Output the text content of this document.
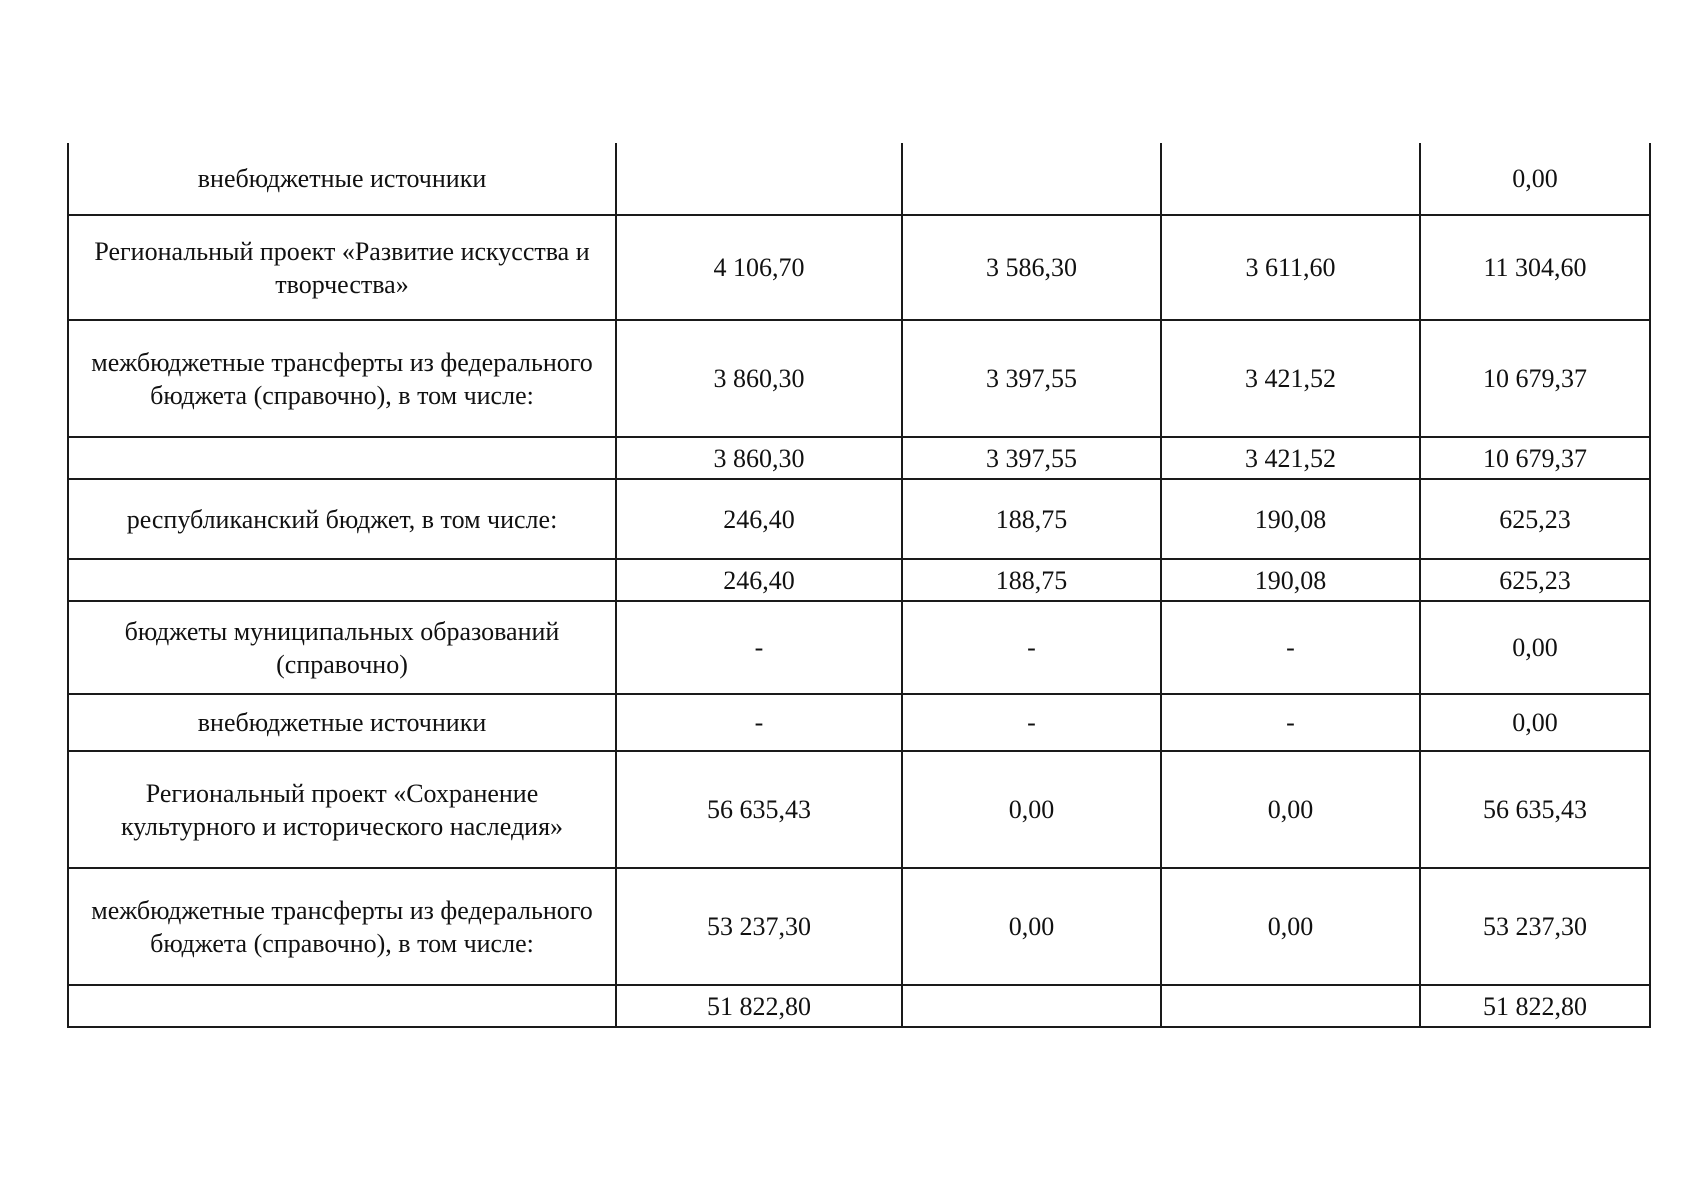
внебюджетные источники				0,00
Региональный проект «Развитие искусства и творчества»	4 106,70	3 586,30	3 611,60	11 304,60
межбюджетные трансферты из федерального бюджета (справочно), в том числе:	3 860,30	3 397,55	3 421,52	10 679,37
	3 860,30	3 397,55	3 421,52	10 679,37
республиканский бюджет, в том числе:	246,40	188,75	190,08	625,23
	246,40	188,75	190,08	625,23
бюджеты муниципальных образований (справочно)	-	-	-	0,00
внебюджетные источники	-	-	-	0,00
Региональный проект «Сохранение культурного и исторического наследия»	56 635,43	0,00	0,00	56 635,43
межбюджетные трансферты из федерального бюджета (справочно), в том числе:	53 237,30	0,00	0,00	53 237,30
	51 822,80			51 822,80
